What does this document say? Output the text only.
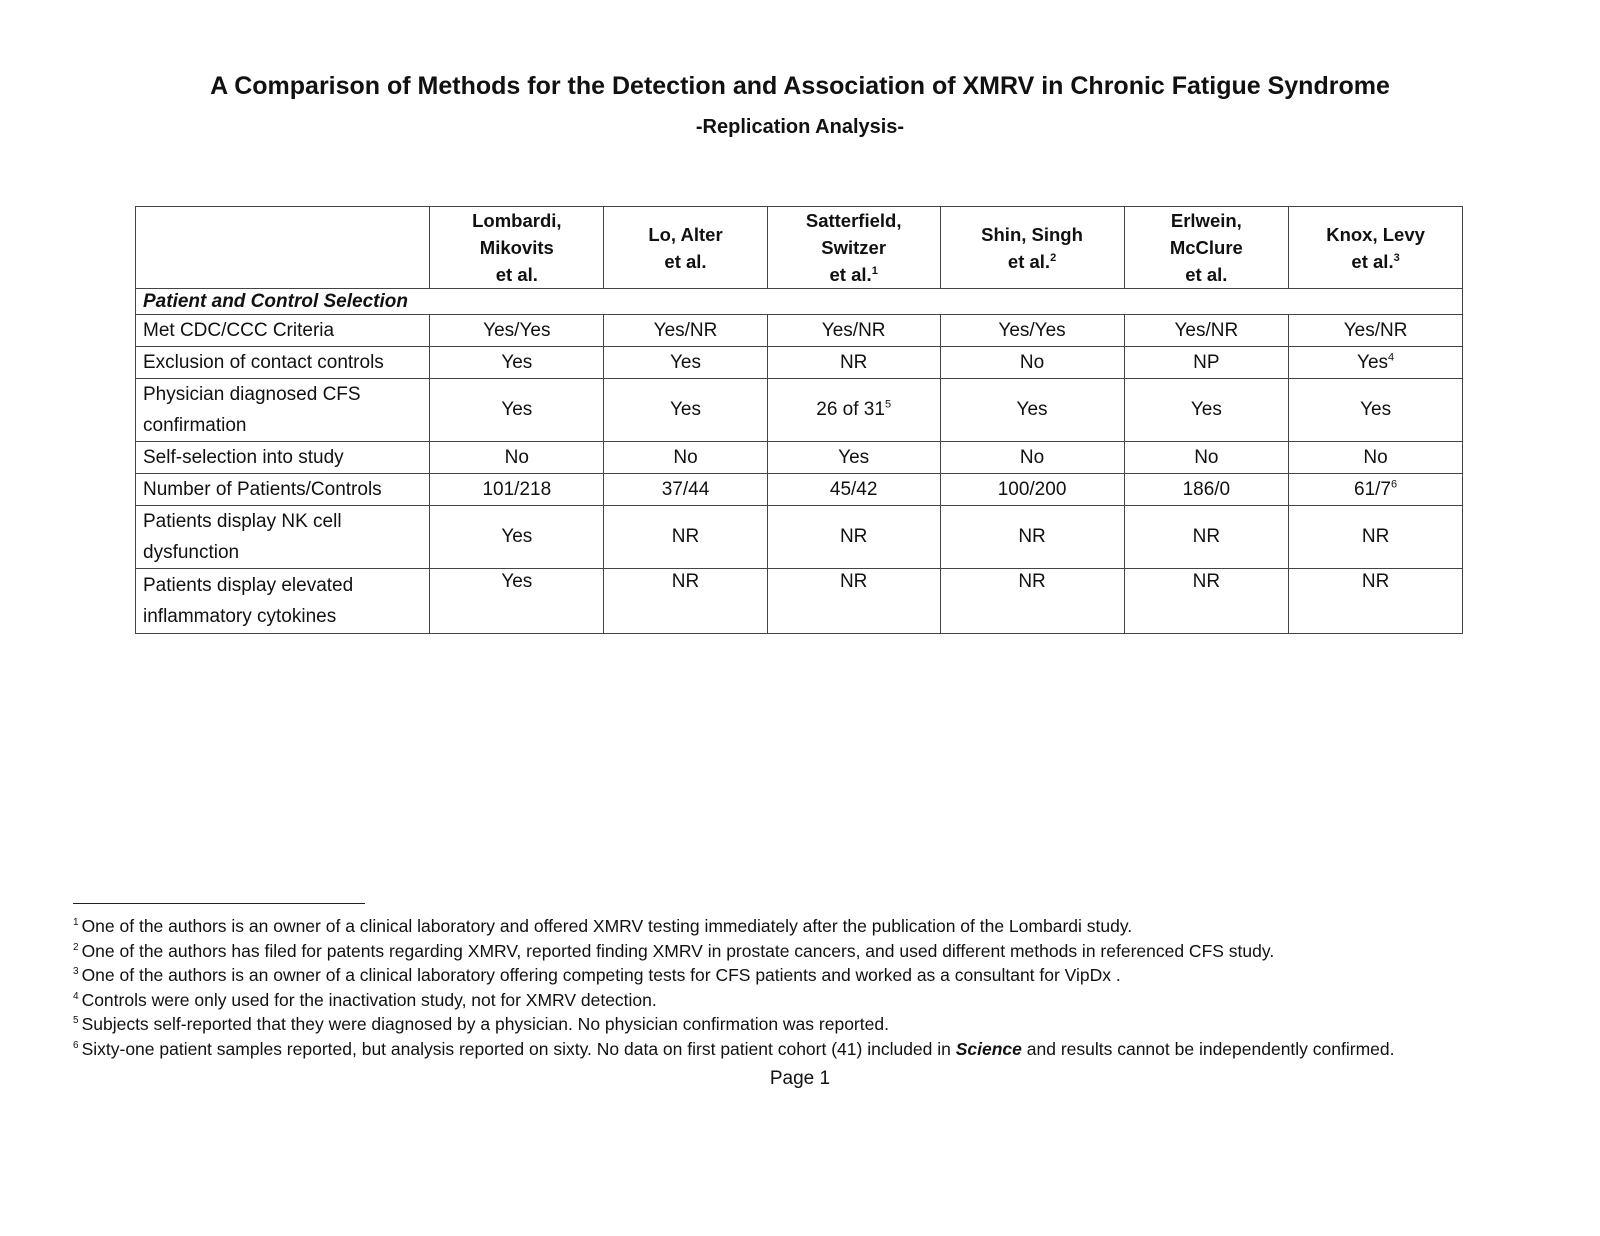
A Comparison of Methods for the Detection and Association of XMRV in Chronic Fatigue Syndrome
-Replication Analysis-
	Lombardi,
Mikovits
et al.	Lo, Alter
et al.	Satterfield,
Switzer
et al.$^1$	Shin, Singh
et al.$^2$	Erlwein,
McClure
et al.	Knox, Levy
et al.$^3$
Patient and Control Selection						
Met CDC/CCC Criteria	Yes/Yes	Yes/NR	Yes/NR	Yes/Yes	Yes/NR	Yes/NR
Exclusion of contact controls	Yes	Yes	NR	No	NP	Yes$^4$
Physician diagnosed CFS
confirmation	Yes	Yes	26 of $31^5$	Yes	Yes	Yes
Self-selection into study	No	No	Yes	No	No	No
Number of Patients/Controls	101/218	37/44	45/42	100/200	186/0	$61/7^6$
Patients display NK cell
dysfunction	Yes	NR	NR	NR	NR	NR
Patients display elevated
inflammatory cytokines	Yes	NR	NR	NR	NR	NR
$^1$ One of the authors is an owner of a clinical laboratory and offered XMRV testing immediately after the publication of the Lombardi study.
$^2$ One of the authors has filed for patents regarding XMRV, reported finding XMRV in prostate cancers, and used different methods in referenced CFS study.
$^3$ One of the authors is an owner of a clinical laboratory offering competing tests for CFS patients and worked as a consultant for VipDx .
$^4$ Controls were only used for the inactivation study, not for XMRV detection.
$^5$ Subjects self-reported that they were diagnosed by a physician. No physician confirmation was reported.
$^6$ Sixty-one patient samples reported, but analysis reported on sixty. No data on first patient cohort (41) included in Science and results cannot be independently confirmed.
Page 1
